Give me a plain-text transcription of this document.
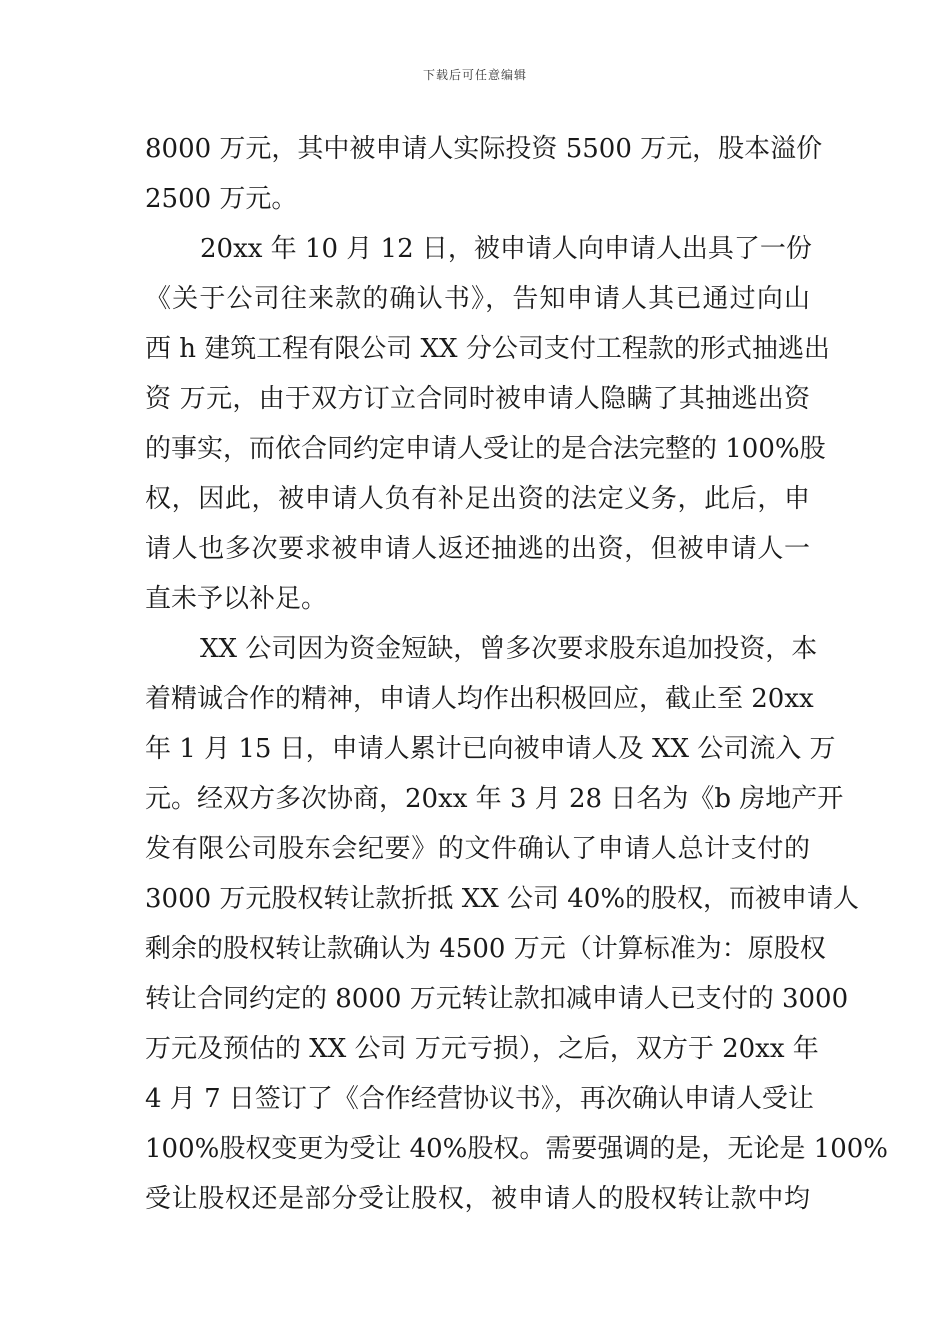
下载后可任意编辑
8000 万元，其中被申请人实际投资 5500 万元，股本溢价
2500 万元。
20xx 年 10 月 12 日，被申请人向申请人出具了一份
《关于公司往来款的确认书》，告知申请人其已通过向山
西 h 建筑工程有限公司 XX 分公司支付工程款的形式抽逃出
资 万元，由于双方订立合同时被申请人隐瞒了其抽逃出资
的事实，而依合同约定申请人受让的是合法完整的 100%股
权，因此，被申请人负有补足出资的法定义务，此后，申
请人也多次要求被申请人返还抽逃的出资，但被申请人一
直未予以补足。
XX 公司因为资金短缺，曾多次要求股东追加投资，本
着精诚合作的精神，申请人均作出积极回应，截止至 20xx
年 1 月 15 日，申请人累计已向被申请人及 XX 公司流入 万
元。经双方多次协商，20xx 年 3 月 28 日名为《b 房地产开
发有限公司股东会纪要》的文件确认了申请人总计支付的
3000 万元股权转让款折抵 XX 公司 40%的股权，而被申请人
剩余的股权转让款确认为 4500 万元（计算标准为：原股权
转让合同约定的 8000 万元转让款扣减申请人已支付的 3000
万元及预估的 XX 公司 万元亏损），之后，双方于 20xx 年
4 月 7 日签订了《合作经营协议书》，再次确认申请人受让
100%股权变更为受让 40%股权。需要强调的是，无论是 100%
受让股权还是部分受让股权，被申请人的股权转让款中均
